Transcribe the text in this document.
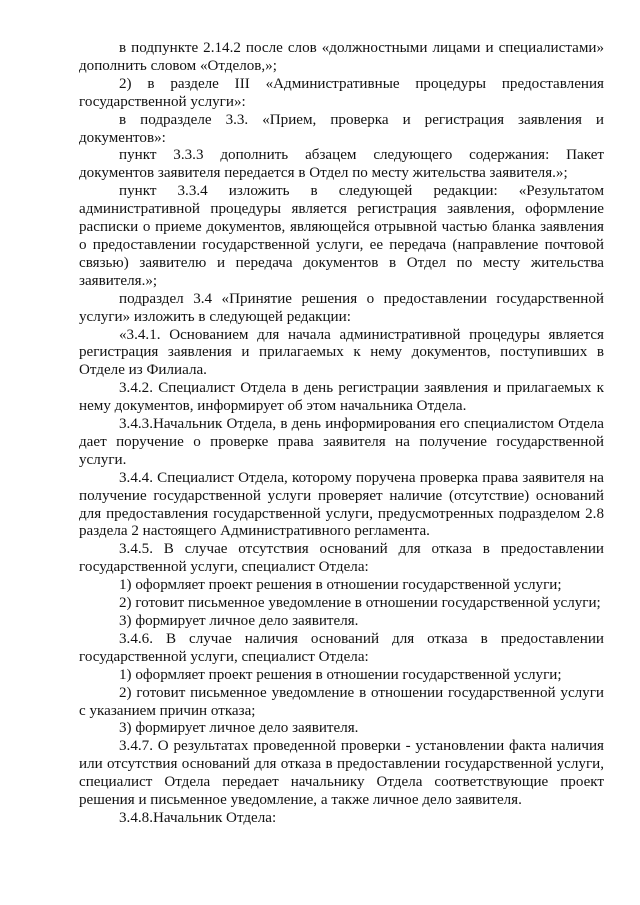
в подпункте 2.14.2 после слов «должностными лицами и специалистами» дополнить словом «Отделов,»;

2) в разделе III «Административные процедуры предоставления государственной услуги»:

в подразделе 3.3. «Прием, проверка и регистрация заявления и документов»:

пункт 3.3.3 дополнить абзацем следующего содержания: Пакет документов заявителя передается в Отдел по месту жительства заявителя.»;

пункт 3.3.4 изложить в следующей редакции: «Результатом административной процедуры является регистрация заявления, оформление расписки о приеме документов, являющейся отрывной частью бланка заявления о предоставлении государственной услуги, ее передача (направление почтовой связью) заявителю и передача документов в Отдел по месту жительства заявителя.»;

подраздел 3.4 «Принятие решения о предоставлении государственной услуги» изложить в следующей редакции:

«3.4.1. Основанием для начала административной процедуры является регистрация заявления и прилагаемых к нему документов, поступивших в Отделе из Филиала.

3.4.2. Специалист Отдела в день регистрации заявления и прилагаемых к нему документов, информирует об этом начальника Отдела.

3.4.3.Начальник Отдела, в день информирования его специалистом Отдела дает поручение о проверке права заявителя на получение государственной услуги.

3.4.4. Специалист Отдела, которому поручена проверка права заявителя на получение государственной услуги проверяет наличие (отсутствие) оснований для предоставления государственной услуги, предусмотренных подразделом 2.8 раздела 2 настоящего Административного регламента.

3.4.5. В случае отсутствия оснований для отказа в предоставлении государственной услуги, специалист Отдела:

1) оформляет проект решения в отношении государственной услуги;

2) готовит письменное уведомление в отношении государственной услуги;

3) формирует личное дело заявителя.

3.4.6. В случае наличия оснований для отказа в предоставлении государственной услуги, специалист Отдела:

1) оформляет проект решения в отношении государственной услуги;

2) готовит письменное уведомление в отношении государственной услуги с указанием причин отказа;

3) формирует личное дело заявителя.

3.4.7. О результатах проведенной проверки - установлении факта наличия или отсутствия оснований для отказа в предоставлении государственной услуги, специалист Отдела передает начальнику Отдела соответствующие проект решения и письменное уведомление, а также личное дело заявителя.

3.4.8.Начальник Отдела:
